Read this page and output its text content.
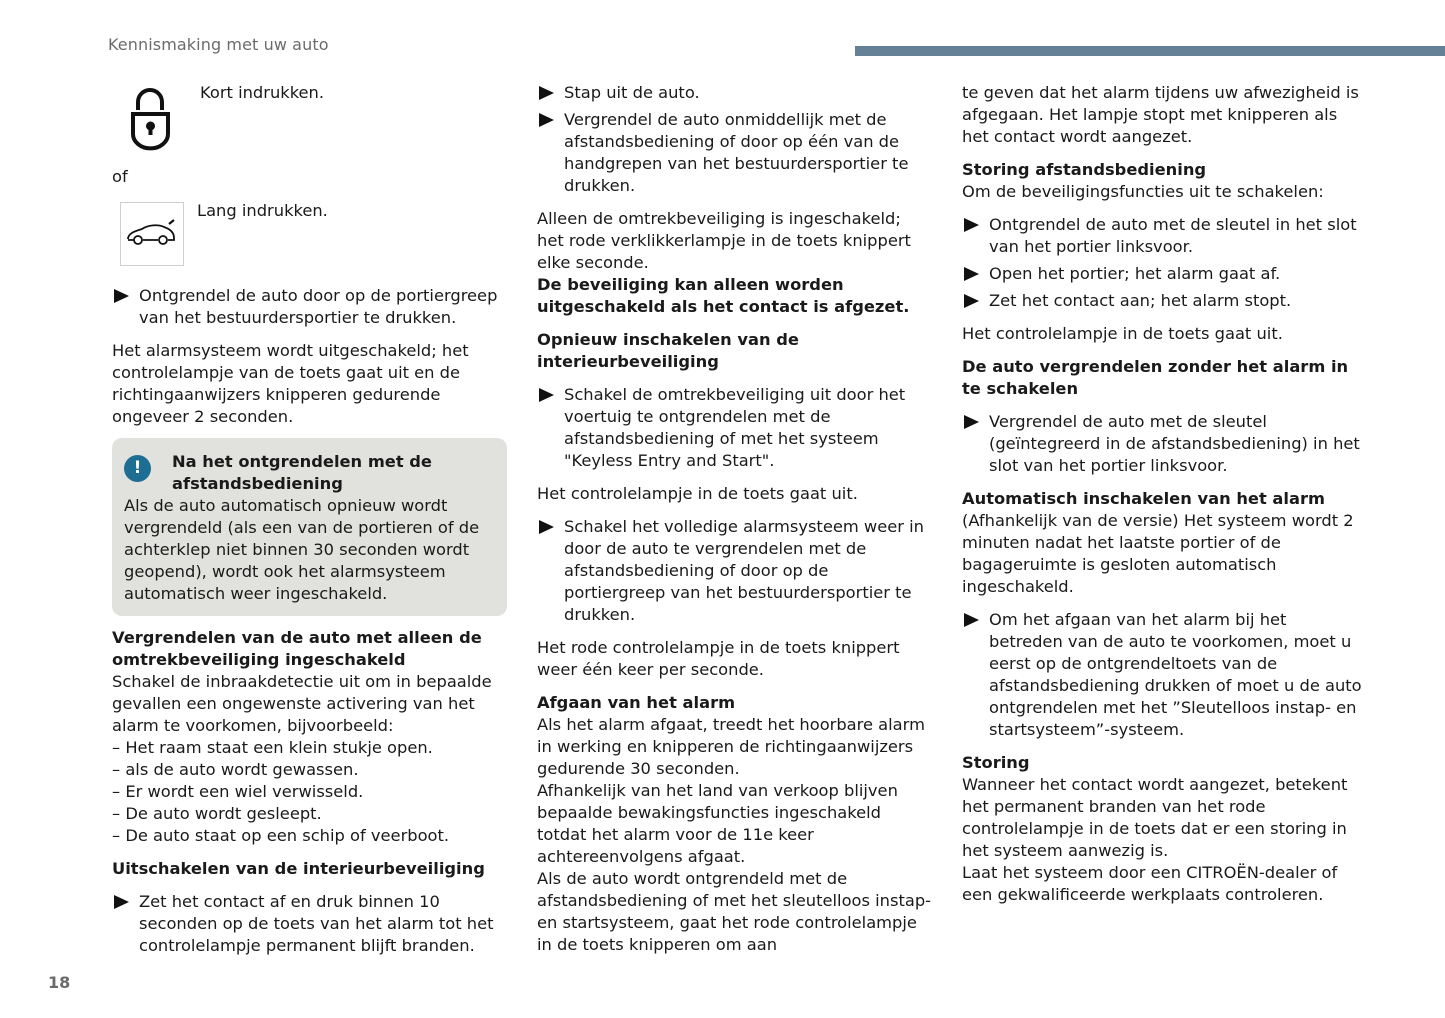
Kennismaking met uw auto

Kort indrukken.

of

Lang indrukken.

Ontgrendel de auto door op de portiergreep van het bestuurdersportier te drukken.

Het alarmsysteem wordt uitgeschakeld; het controlelampje van de toets gaat uit en de richtingaanwijzers knipperen gedurende ongeveer 2 seconden.

!	Na het ontgrendelen met de afstandsbediening

Als de auto automatisch opnieuw wordt vergrendeld (als een van de portieren of de achterklep niet binnen 30 seconden wordt geopend), wordt ook het alarmsysteem automatisch weer ingeschakeld.

Vergrendelen van de auto met alleen de omtrekbeveiliging ingeschakeld

Schakel de inbraakdetectie uit om in bepaalde gevallen een ongewenste activering van het alarm te voorkomen, bijvoorbeeld:

– Het raam staat een klein stukje open.

– als de auto wordt gewassen.

– Er wordt een wiel verwisseld.

– De auto wordt gesleept.

– De auto staat op een schip of veerboot.

Uitschakelen van de interieurbeveiliging

Zet het contact af en druk binnen 10 seconden op de toets van het alarm tot het controlelampje permanent blijft branden.
Stap uit de auto.
Vergrendel de auto onmiddellijk met de afstandsbediening of door op één van de handgrepen van het bestuurdersportier te drukken.

Alleen de omtrekbeveiliging is ingeschakeld; het rode verklikkerlampje in de toets knippert elke seconde.

De beveiliging kan alleen worden uitgeschakeld als het contact is afgezet.

Opnieuw inschakelen van de interieurbeveiliging

Schakel de omtrekbeveiliging uit door het voertuig te ontgrendelen met de afstandsbediening of met het systeem "Keyless Entry and Start".

Het controlelampje in de toets gaat uit.

Schakel het volledige alarmsysteem weer in door de auto te vergrendelen met de afstandsbediening of door op de portiergreep van het bestuurdersportier te drukken.

Het rode controlelampje in de toets knippert weer één keer per seconde.

Afgaan van het alarm

Als het alarm afgaat, treedt het hoorbare alarm in werking en knipperen de richtingaanwijzers gedurende 30 seconden.

Afhankelijk van het land van verkoop blijven bepaalde bewakingsfuncties ingeschakeld totdat het alarm voor de 11e keer achtereenvolgens afgaat.

Als de auto wordt ontgrendeld met de afstandsbediening of met het sleutelloos instap- en startsysteem, gaat het rode controlelampje in de toets knipperen om aan

te geven dat het alarm tijdens uw afwezigheid is afgegaan. Het lampje stopt met knipperen als het contact wordt aangezet.

Storing afstandsbediening

Om de beveiligingsfuncties uit te schakelen:

Ontgrendel de auto met de sleutel in het slot van het portier linksvoor.
Open het portier; het alarm gaat af.
Zet het contact aan; het alarm stopt.

Het controlelampje in de toets gaat uit.

De auto vergrendelen zonder het alarm in te schakelen

Vergrendel de auto met de sleutel (geïntegreerd in de afstandsbediening) in het slot van het portier linksvoor.

Automatisch inschakelen van het alarm

(Afhankelijk van de versie) Het systeem wordt 2 minuten nadat het laatste portier of de bagageruimte is gesloten automatisch ingeschakeld.

Om het afgaan van het alarm bij het betreden van de auto te voorkomen, moet u eerst op de ontgrendeltoets van de afstandsbediening drukken of moet u de auto ontgrendelen met het ”Sleutelloos instap- en startsysteem”-systeem.

Storing

Wanneer het contact wordt aangezet, betekent het permanent branden van het rode controlelampje in de toets dat er een storing in het systeem aanwezig is.

Laat het systeem door een CITROËN-dealer of een gekwalificeerde werkplaats controleren.

18
